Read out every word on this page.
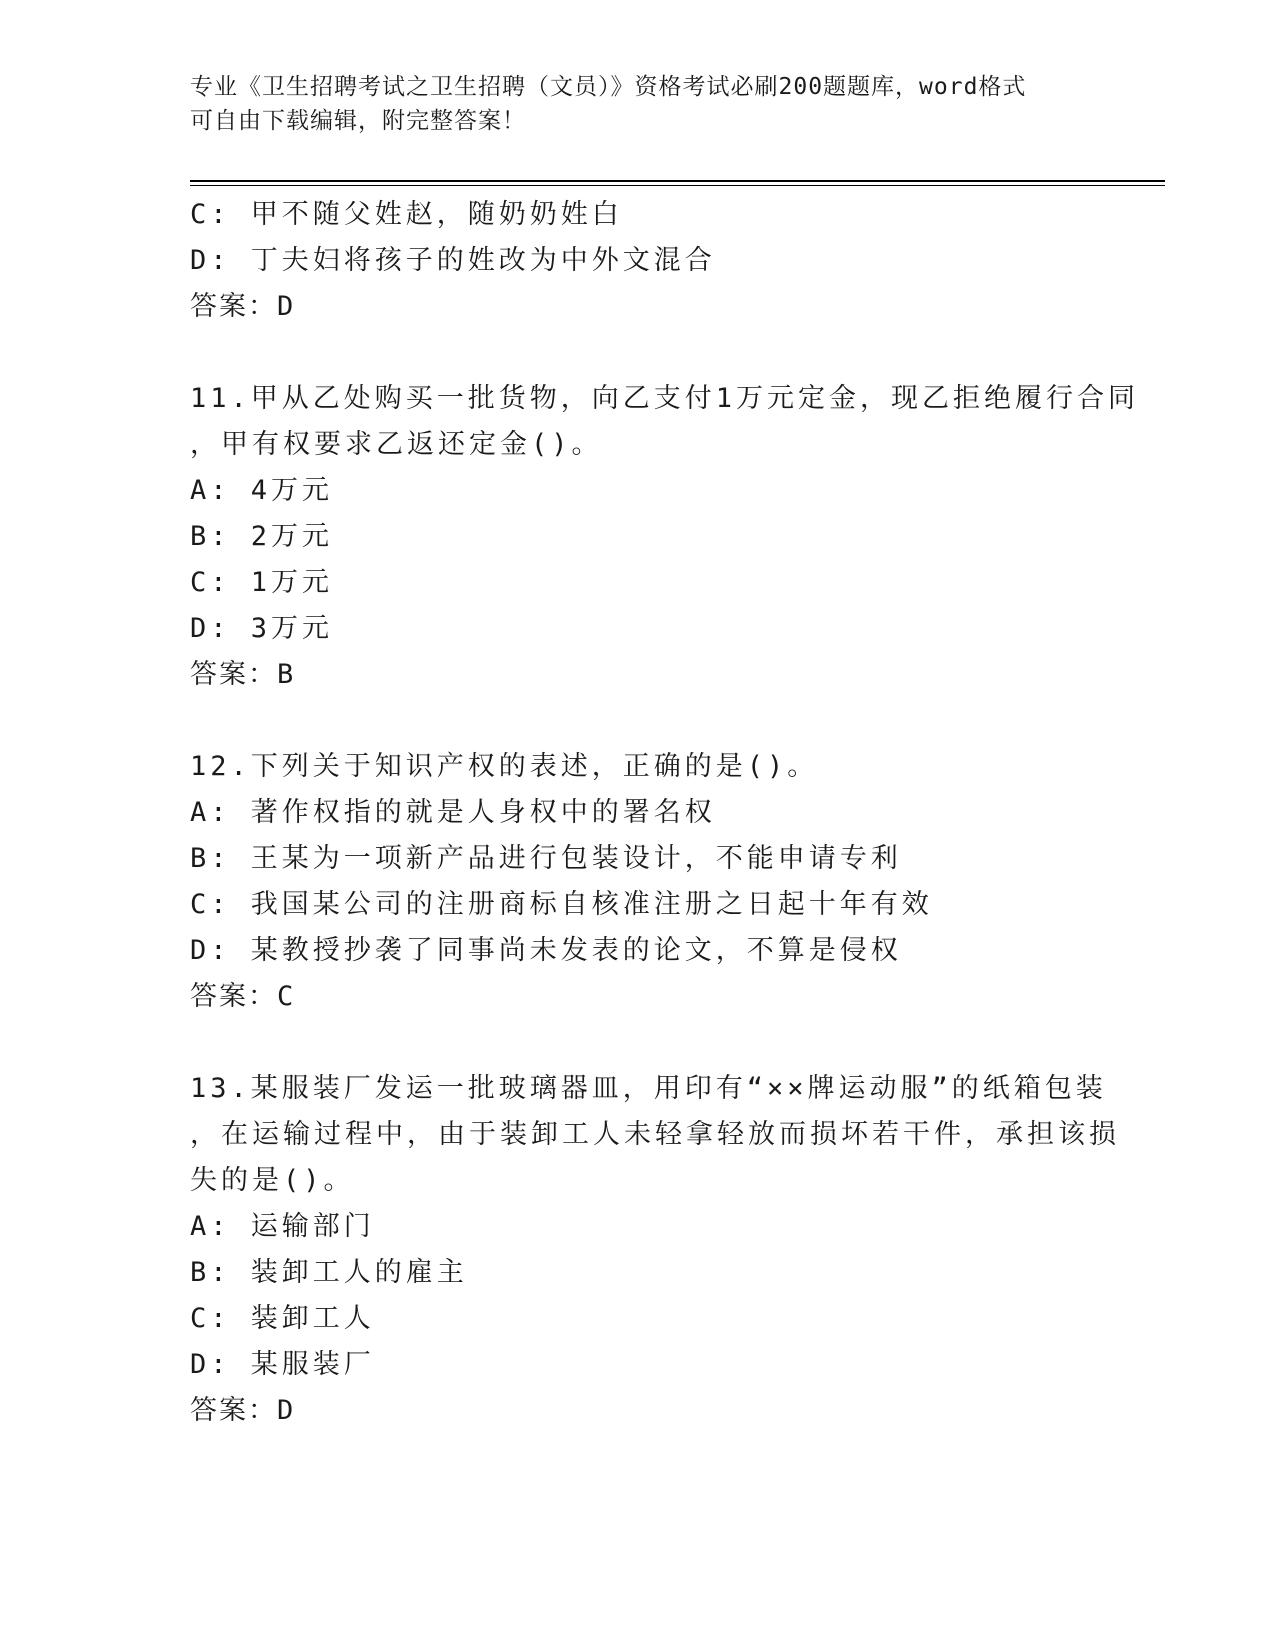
专业《卫生招聘考试之卫生招聘（文员）》资格考试必刷200题题库，word格式
可自由下载编辑，附完整答案！
C: 甲不随父姓赵，随奶奶姓白
D: 丁夫妇将孩子的姓改为中外文混合
答案：D
11.甲从乙处购买一批货物，向乙支付1万元定金，现乙拒绝履行合同
，甲有权要求乙返还定金()。
A: 4万元
B: 2万元
C: 1万元
D: 3万元
答案：B
12.下列关于知识产权的表述，正确的是()。
A: 著作权指的就是人身权中的署名权
B: 王某为一项新产品进行包装设计，不能申请专利
C: 我国某公司的注册商标自核准注册之日起十年有效
D: 某教授抄袭了同事尚未发表的论文，不算是侵权
答案：C
13.某服装厂发运一批玻璃器皿，用印有“××牌运动服”的纸箱包装
，在运输过程中，由于装卸工人未轻拿轻放而损坏若干件，承担该损
失的是()。
A: 运输部门
B: 装卸工人的雇主
C: 装卸工人
D: 某服装厂
答案：D
